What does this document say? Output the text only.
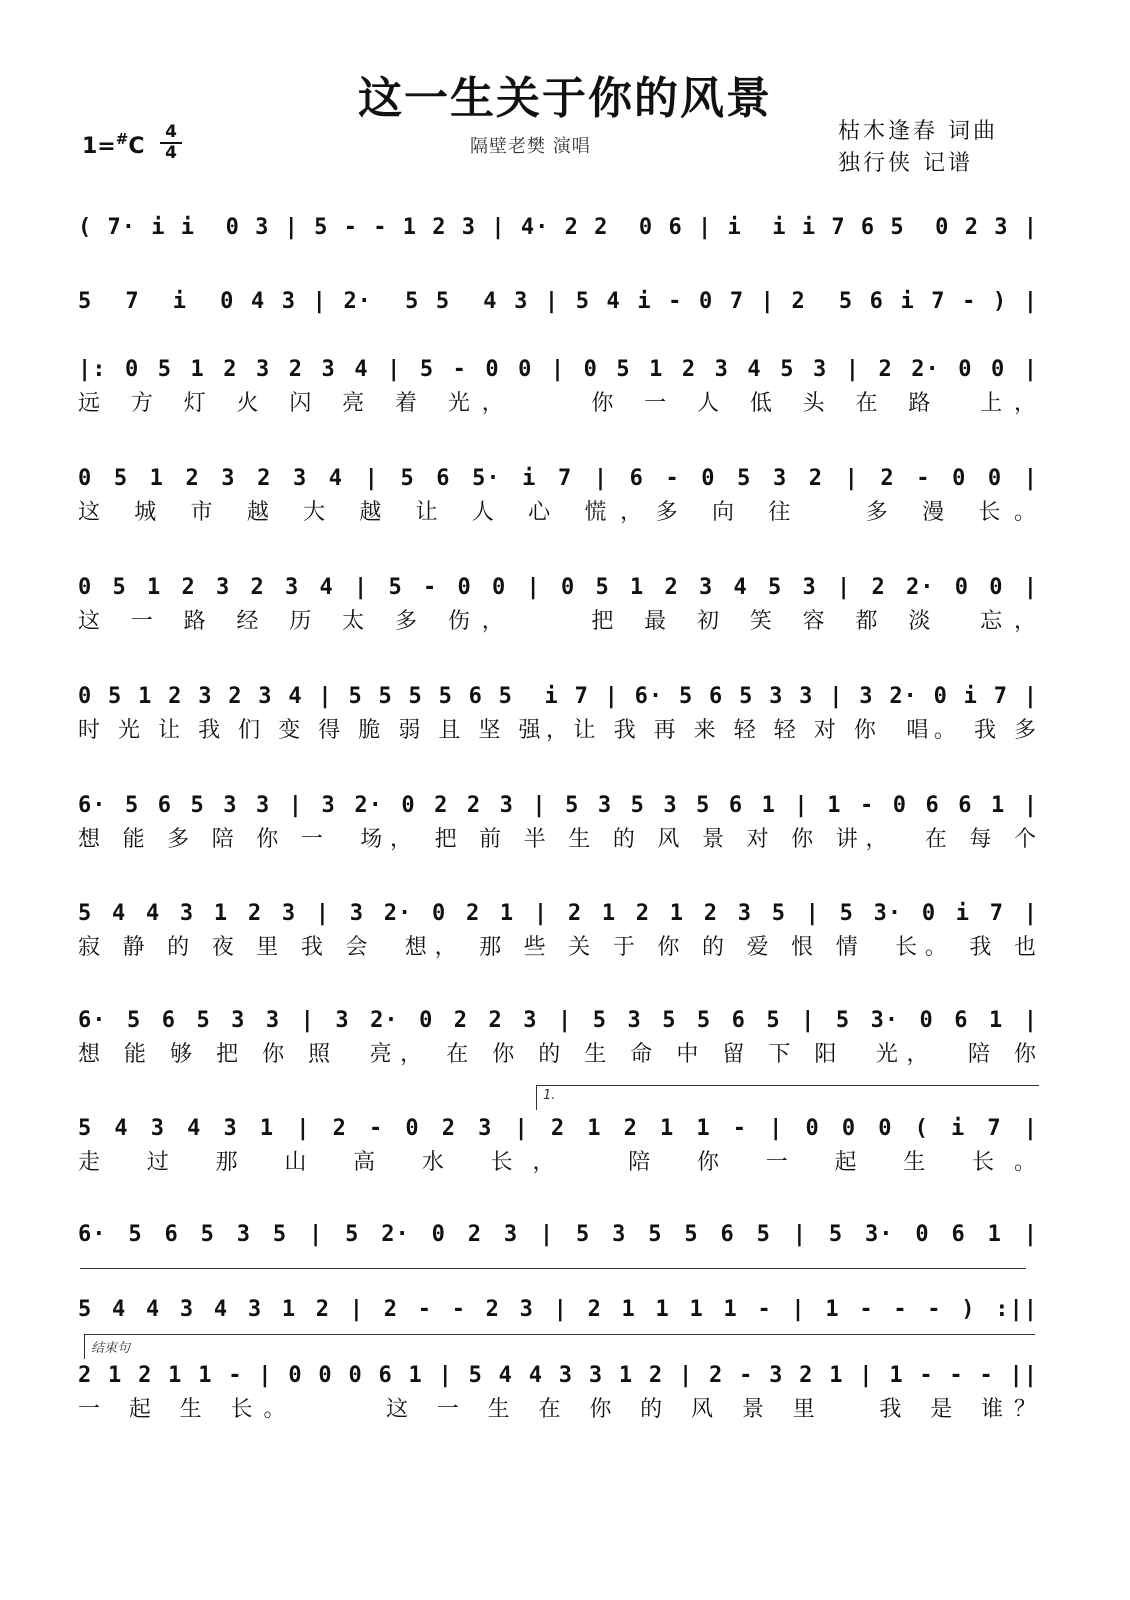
这一生关于你的风景
隔壁老樊 演唱
1=#C
4
4
枯木逢春 词曲
独行侠 记谱
( 7· i i  0 3 | 5 - - 1 2 3 | 4· 2 2  0 6 | i  i i 7 6 5  0 2 3 |
5  7  i  0 4 3 | 2·  5 5  4 3 | 5 4 i - 0 7 | 2  5 6 i 7 - ) |
|: 0 5 1 2 3 2 3 4 | 5 - 0 0 | 0 5 1 2 3 4 5 3 | 2 2· 0 0 |
远 方 灯 火 闪 亮 着 光，    你 一 人 低 头 在 路  上，
0 5 1 2 3 2 3 4 | 5 6 5· i 7 | 6 - 0 5 3 2 | 2 - 0 0 |
这 城 市 越 大 越 让 人 心 慌，多 向 往   多 漫 长。
0 5 1 2 3 2 3 4 | 5 - 0 0 | 0 5 1 2 3 4 5 3 | 2 2· 0 0 |
这 一 路 经 历 太 多 伤，    把 最 初 笑 容 都 淡  忘，
0 5 1 2 3 2 3 4 | 5 5 5 5 6 5  i 7 | 6· 5 6 5 3 3 | 3 2· 0 i 7 |
时 光 让 我 们 变 得 脆 弱 且 坚 强，让 我 再 来 轻 轻 对 你  唱。 我 多
6· 5 6 5 3 3 | 3 2· 0 2 2 3 | 5 3 5 3 5 6 1 | 1 - 0 6 6 1 |
想 能 多 陪 你 一  场， 把 前 半 生 的 风 景 对 你 讲，  在 每 个
5 4 4 3 1 2 3 | 3 2· 0 2 1 | 2 1 2 1 2 3 5 | 5 3· 0 i 7 |
寂 静 的 夜 里 我 会  想， 那 些 关 于 你 的 爱 恨 情  长。 我 也
6· 5 6 5 3 3 | 3 2· 0 2 2 3 | 5 3 5 5 6 5 | 5 3· 0 6 1 |
想 能 够 把 你 照  亮， 在 你 的 生 命 中 留 下 阳  光，  陪 你
1.
5 4 3 4 3 1 | 2 - 0 2 3 | 2 1 2 1 1 - | 0 0 0 ( i 7 |
走 过 那 山 高 水 长，  陪 你 一 起 生 长。
6· 5 6 5 3 5 | 5 2· 0 2 3 | 5 3 5 5 6 5 | 5 3· 0 6 1 |
5 4 4 3 4 3 1 2 | 2 - - 2 3 | 2 1 1 1 1 - | 1 - - - ) :||
结束句
2 1 2 1 1 - | 0 0 0 6 1 | 5 4 4 3 3 1 2 | 2 - 3 2 1 | 1 - - - ||
一 起 生 长。     这 一 生 在 你 的 风 景 里   我 是 谁？
